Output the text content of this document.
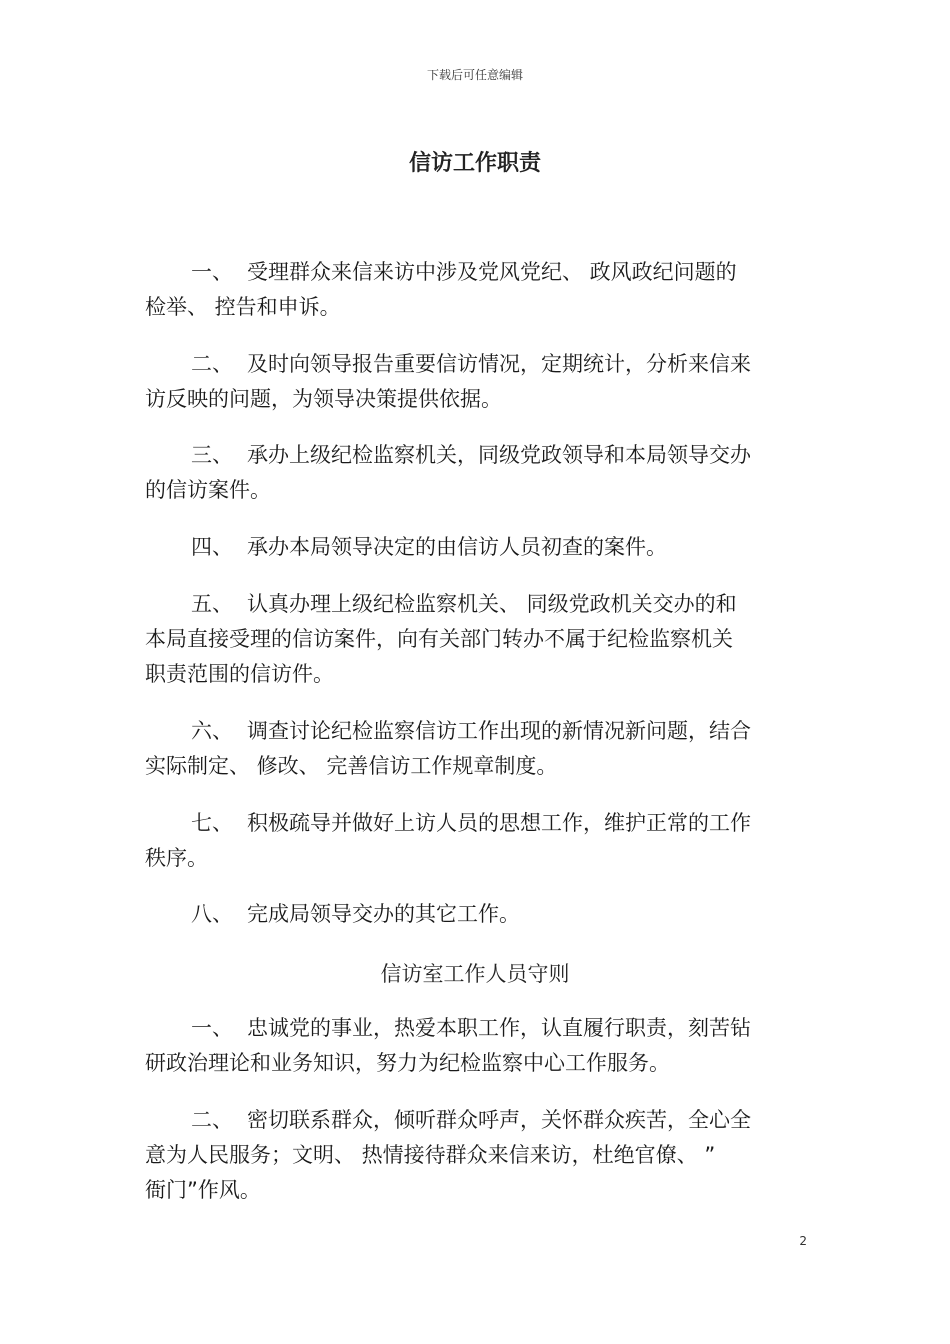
下载后可任意编辑
信访工作职责
一、 受理群众来信来访中涉及党风党纪、 政风政纪问题的
检举、 控告和申诉。
二、 及时向领导报告重要信访情况，定期统计，分析来信来
访反映的问题，为领导决策提供依据。
三、 承办上级纪检监察机关，同级党政领导和本局领导交办
的信访案件。
四、 承办本局领导决定的由信访人员初查的案件。
五、 认真办理上级纪检监察机关、 同级党政机关交办的和
本局直接受理的信访案件，向有关部门转办不属于纪检监察机关
职责范围的信访件。
六、 调查讨论纪检监察信访工作出现的新情况新问题，结合
实际制定、 修改、 完善信访工作规章制度。
七、 积极疏导并做好上访人员的思想工作，维护正常的工作
秩序。
八、 完成局领导交办的其它工作。
信访室工作人员守则
一、 忠诚党的事业，热爱本职工作，认直履行职责，刻苦钻
研政治理论和业务知识，努力为纪检监察中心工作服务。
二、 密切联系群众，倾听群众呼声，关怀群众疾苦，全心全
意为人民服务；文明、 热情接待群众来信来访，杜绝官僚、 ”
衙门”作风。
2
